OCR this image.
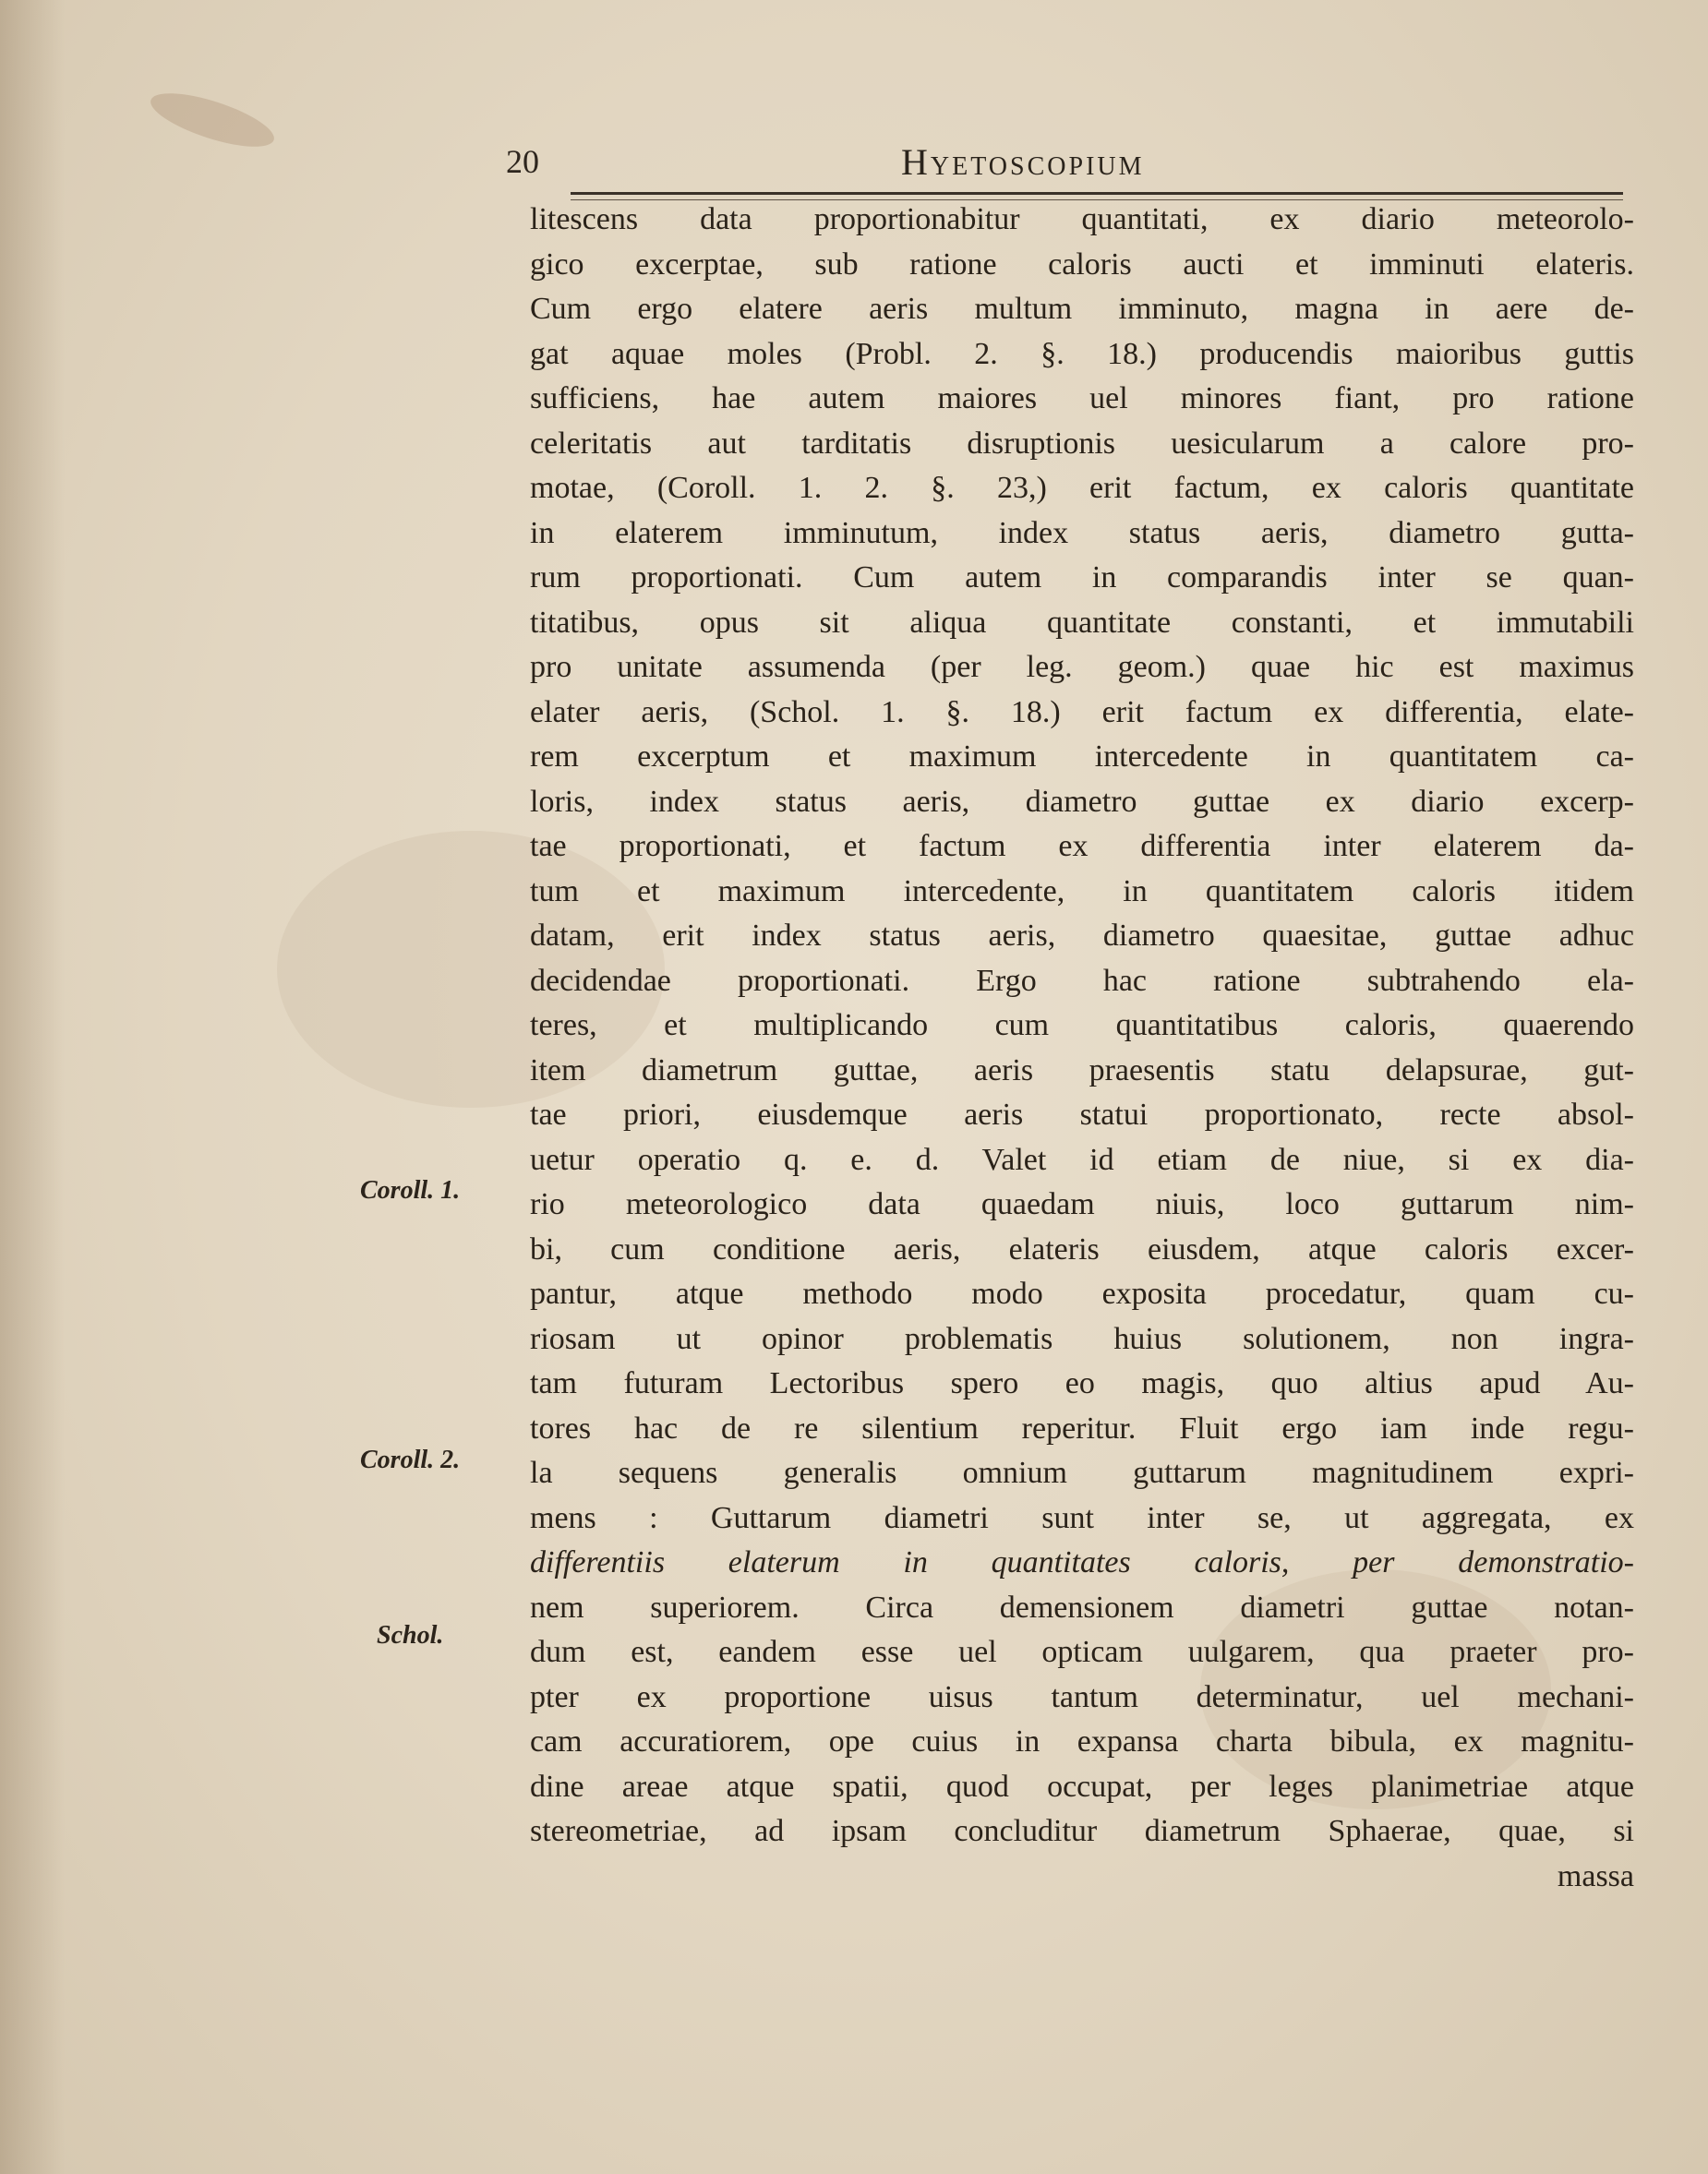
20	Hyetoscopium
Coroll. 1.
Coroll. 2.
Schol.
litescens data proportionabitur quantitati, ex diario meteorolo-
gico excerptae, sub ratione caloris aucti et imminuti elateris.
Cum ergo elatere aeris multum imminuto, magna in aere de-
gat aquae moles (Probl. 2. §. 18.) producendis maioribus guttis
sufficiens, hae autem maiores uel minores fiant, pro ratione
celeritatis aut tarditatis disruptionis uesicularum a calore pro-
motae, (Coroll. 1. 2. §. 23,) erit factum, ex caloris quantitate
in elaterem imminutum, index status aeris, diametro gutta-
rum proportionati. Cum autem in comparandis inter se quan-
titatibus, opus sit aliqua quantitate constanti, et immutabili
pro unitate assumenda (per leg. geom.) quae hic est maximus
elater aeris, (Schol. 1. §. 18.) erit factum ex differentia, elate-
rem excerptum et maximum intercedente in quantitatem ca-
loris, index status aeris, diametro guttae ex diario excerp-
tae proportionati, et factum ex differentia inter elaterem da-
tum et maximum intercedente, in quantitatem caloris itidem
datam, erit index status aeris, diametro quaesitae, guttae adhuc
decidendae proportionati. Ergo hac ratione subtrahendo ela-
teres, et multiplicando cum quantitatibus caloris, quaerendo
item diametrum guttae, aeris praesentis statu delapsurae, gut-
tae priori, eiusdemque aeris statui proportionato, recte absol-
uetur operatio q. e. d. Valet id etiam de niue, si ex dia-
rio meteorologico data quaedam niuis, loco guttarum nim-
bi, cum conditione aeris, elateris eiusdem, atque caloris excer-
pantur, atque methodo modo exposita procedatur, quam cu-
riosam ut opinor problematis huius solutionem, non ingra-
tam futuram Lectoribus spero eo magis, quo altius apud Au-
tores hac de re silentium reperitur. Fluit ergo iam inde regu-
la sequens generalis omnium guttarum magnitudinem expri-
mens : Guttarum diametri sunt inter se, ut aggregata, ex
differentiis elaterum in quantitates caloris, per demonstratio-
nem superiorem. Circa demensionem diametri guttae notan-
dum est, eandem esse uel opticam uulgarem, qua praeter pro-
pter ex proportione uisus tantum determinatur, uel mechani-
cam accuratiorem, ope cuius in expansa charta bibula, ex magnitu-
dine areae atque spatii, quod occupat, per leges planimetriae atque
stereometriae, ad ipsam concluditur diametrum Sphaerae, quae, si
massa
